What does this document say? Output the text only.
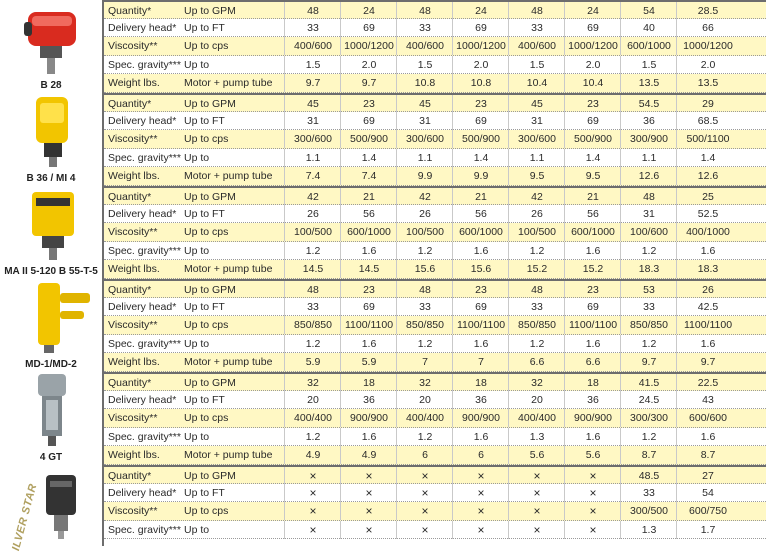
B 28
Quantity*	Up to GPM	48	24	48	24	48	24	54	28.5
Delivery head* Up to FT	33	69	33	69	33	69	40	66
Viscosity**	Up to cps	400/600	1000/1200	400/600	1000/1200	400/600	1000/1200 600/1000	1000/1200
Spec. gravity*** Up to	1.5	2.0	1.5	2.0	1.5	2.0	1.5	2.0
Weight lbs.	Motor + pump tube	9.7	9.7	10.8	10.8	10.4	10.4	13.5	13.5
B 36 / MI 4
Quantity*	Up to GPM	45	23	45	23	45	23	54.5	29
Delivery head* Up to FT	31	69	31	69	31	69	36	68.5
Viscosity**	Up to cps	300/600	500/900	300/600	500/900	300/600	500/900	300/900	500/1100
Spec. gravity*** Up to	1.1	1.4	1.1	1.4	1.1	1.4	1.1	1.4
Weight lbs.	Motor + pump tube	7.4	7.4	9.9	9.9	9.5	9.5	12.6	12.6
MA II 5-120 B 55-T-5
Quantity*	Up to GPM	42	21	42	21	42	21	48	25
Delivery head* Up to FT	26	56	26	56	26	56	31	52.5
Viscosity**	Up to cps	100/500	600/1000	100/500	600/1000	100/500	600/1000	100/600	400/1000
Spec. gravity*** Up to	1.2	1.6	1.2	1.6	1.2	1.6	1.2	1.6
Weight lbs.	Motor + pump tube	14.5	14.5	15.6	15.6	15.2	15.2	18.3	18.3
MD-1/MD-2
Quantity*	Up to GPM	48	23	48	23	48	23	53	26
Delivery head* Up to FT	33	69	33	69	33	69	33	42.5
Viscosity**	Up to cps	850/850	1100/1100	850/850	1100/1100	850/850	1100/1100	850/850	1100/1100
Spec. gravity*** Up to	1.2	1.6	1.2	1.6	1.2	1.6	1.2	1.6
Weight lbs.	Motor + pump tube	5.9	5.9	7	7	6.6	6.6	9.7	9.7
4 GT
Quantity*	Up to GPM	32	18	32	18	32	18	41.5	22.5
Delivery head* Up to FT	20	36	20	36	20	36	24.5	43
Viscosity**	Up to cps	400/400	900/900	400/400	900/900	400/400	900/900	300/300	600/600
Spec. gravity*** Up to	1.2	1.6	1.2	1.6	1.3	1.6	1.2	1.6
Weight lbs.	Motor + pump tube	4.9	4.9	6	6	5.6	5.6	8.7	8.7
ILVER STAR
Quantity*	Up to GPM	×	×	×	×	×	×	48.5	27
Delivery head* Up to FT	×	×	×	×	×	×	33	54
Viscosity**	Up to cps	×	×	×	×	×	×	300/500	600/750
Spec. gravity*** Up to	×	×	×	×	×	×	1.3	1.7
